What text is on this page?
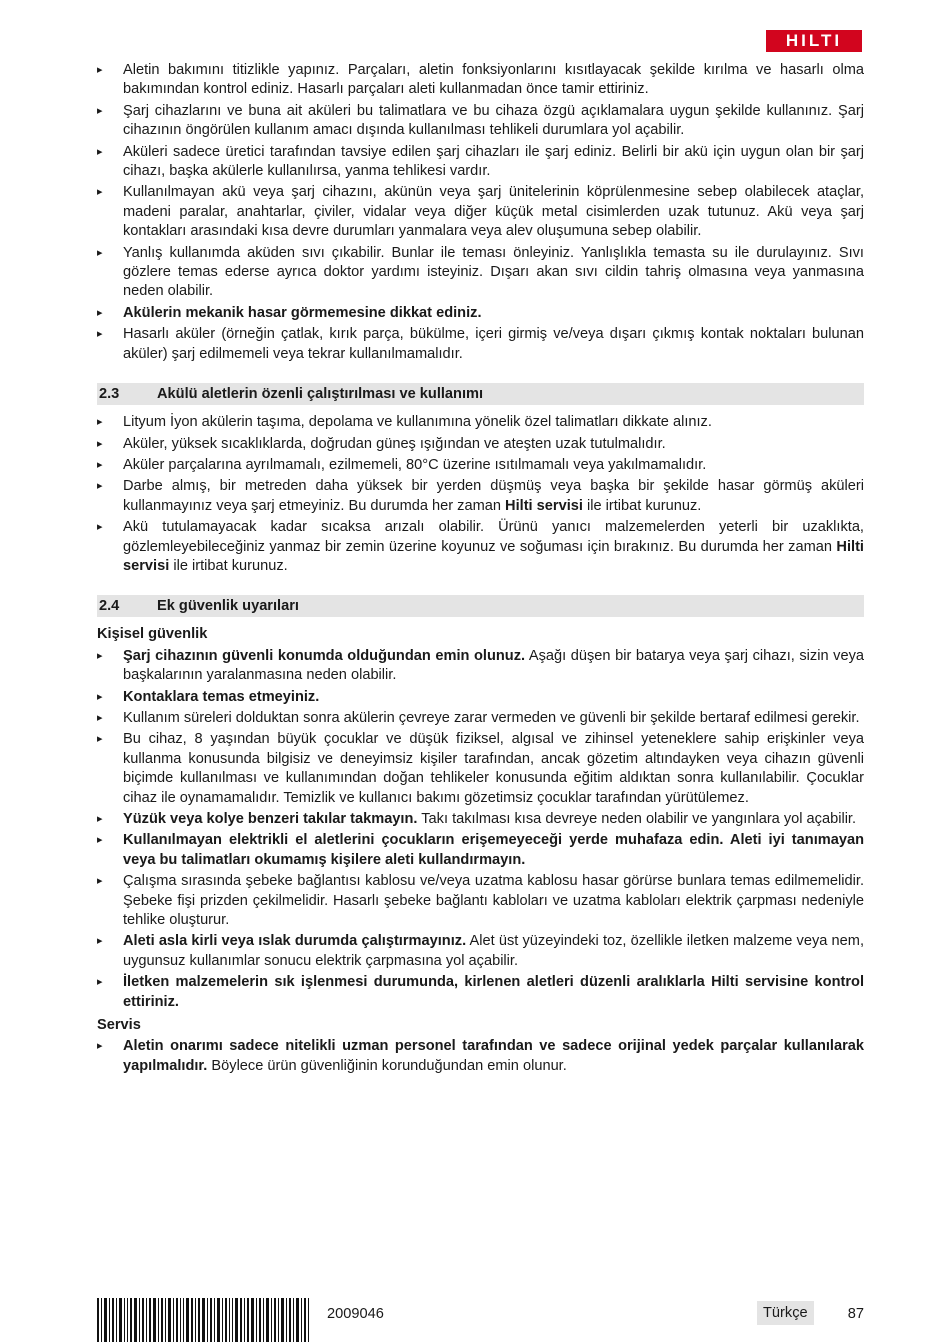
HILTI
▸ Aletin bakımını titizlikle yapınız. Parçaları, aletin fonksiyonlarını kısıtlayacak şekilde kırılma ve hasarlı olma bakımından kontrol ediniz. Hasarlı parçaları aleti kullanmadan önce tamir ettiriniz.
▸ Şarj cihazlarını ve buna ait aküleri bu talimatlara ve bu cihaza özgü açıklamalara uygun şekilde kullanınız. Şarj cihazının öngörülen kullanım amacı dışında kullanılması tehlikeli durumlara yol açabilir.
▸ Aküleri sadece üretici tarafından tavsiye edilen şarj cihazları ile şarj ediniz. Belirli bir akü için uygun olan bir şarj cihazı, başka akülerle kullanılırsa, yanma tehlikesi vardır.
▸ Kullanılmayan akü veya şarj cihazını, akünün veya şarj ünitelerinin köprülenmesine sebep olabilecek ataçlar, madeni paralar, anahtarlar, çiviler, vidalar veya diğer küçük metal cisimlerden uzak tutunuz. Akü veya şarj kontakları arasındaki kısa devre durumları yanmalara veya alev oluşumuna sebep olabilir.
▸ Yanlış kullanımda aküden sıvı çıkabilir. Bunlar ile teması önleyiniz. Yanlışlıkla temasta su ile durulayınız. Sıvı gözlere temas ederse ayrıca doktor yardımı isteyiniz. Dışarı akan sıvı cildin tahriş olmasına veya yanmasına neden olabilir.
▸ Akülerin mekanik hasar görmemesine dikkat ediniz.
▸ Hasarlı aküler (örneğin çatlak, kırık parça, bükülme, içeri girmiş ve/veya dışarı çıkmış kontak noktaları bulunan aküler) şarj edilmemeli veya tekrar kullanılmamalıdır.
2.3	Akülü aletlerin özenli çalıştırılması ve kullanımı
▸ Lityum İyon akülerin taşıma, depolama ve kullanımına yönelik özel talimatları dikkate alınız.
▸ Aküler, yüksek sıcaklıklarda, doğrudan güneş ışığından ve ateşten uzak tutulmalıdır.
▸ Aküler parçalarına ayrılmamalı, ezilmemeli, 80°C üzerine ısıtılmamalı veya yakılmamalıdır.
▸ Darbe almış, bir metreden daha yüksek bir yerden düşmüş veya başka bir şekilde hasar görmüş aküleri kullanmayınız veya şarj etmeyiniz. Bu durumda her zaman Hilti servisi ile irtibat kurunuz.
▸ Akü tutulamayacak kadar sıcaksa arızalı olabilir. Ürünü yanıcı malzemelerden yeterli bir uzaklıkta, gözlemleyebileceğiniz yanmaz bir zemin üzerine koyunuz ve soğuması için bırakınız. Bu durumda her zaman Hilti servisi ile irtibat kurunuz.
2.4	Ek güvenlik uyarıları
Kişisel güvenlik
▸ Şarj cihazının güvenli konumda olduğundan emin olunuz. Aşağı düşen bir batarya veya şarj cihazı, sizin veya başkalarının yaralanmasına neden olabilir.
▸ Kontaklara temas etmeyiniz.
▸ Kullanım süreleri dolduktan sonra akülerin çevreye zarar vermeden ve güvenli bir şekilde bertaraf edilmesi gerekir.
▸ Bu cihaz, 8 yaşından büyük çocuklar ve düşük fiziksel, algısal ve zihinsel yeteneklere sahip erişkinler veya kullanma konusunda bilgisiz ve deneyimsiz kişiler tarafından, ancak gözetim altındayken veya cihazın güvenli biçimde kullanılması ve kullanımından doğan tehlikeler konusunda eğitim aldıktan sonra kullanılabilir. Çocuklar cihaz ile oynamamalıdır. Temizlik ve kullanıcı bakımı gözetimsiz çocuklar tarafından yürütülemez.
▸ Yüzük veya kolye benzeri takılar takmayın. Takı takılması kısa devreye neden olabilir ve yangınlara yol açabilir.
▸ Kullanılmayan elektrikli el aletlerini çocukların erişemeyeceği yerde muhafaza edin. Aleti iyi tanımayan veya bu talimatları okumamış kişilere aleti kullandırmayın.
▸ Çalışma sırasında şebeke bağlantısı kablosu ve/veya uzatma kablosu hasar görürse bunlara temas edilmemelidir. Şebeke fişi prizden çekilmelidir. Hasarlı şebeke bağlantı kabloları ve uzatma kabloları elektrik çarpması nedeniyle tehlike oluşturur.
▸ Aleti asla kirli veya ıslak durumda çalıştırmayınız. Alet üst yüzeyindeki toz, özellikle iletken malzeme veya nem, uygunsuz kullanımlar sonucu elektrik çarpmasına yol açabilir.
▸ İletken malzemelerin sık işlenmesi durumunda, kirlenen aletleri düzenli aralıklarla Hilti servisine kontrol ettiriniz.
Servis
▸ Aletin onarımı sadece nitelikli uzman personel tarafından ve sadece orijinal yedek parçalar kullanılarak yapılmalıdır. Böylece ürün güvenliğinin korunduğundan emin olunur.
2009046	Türkçe	87
